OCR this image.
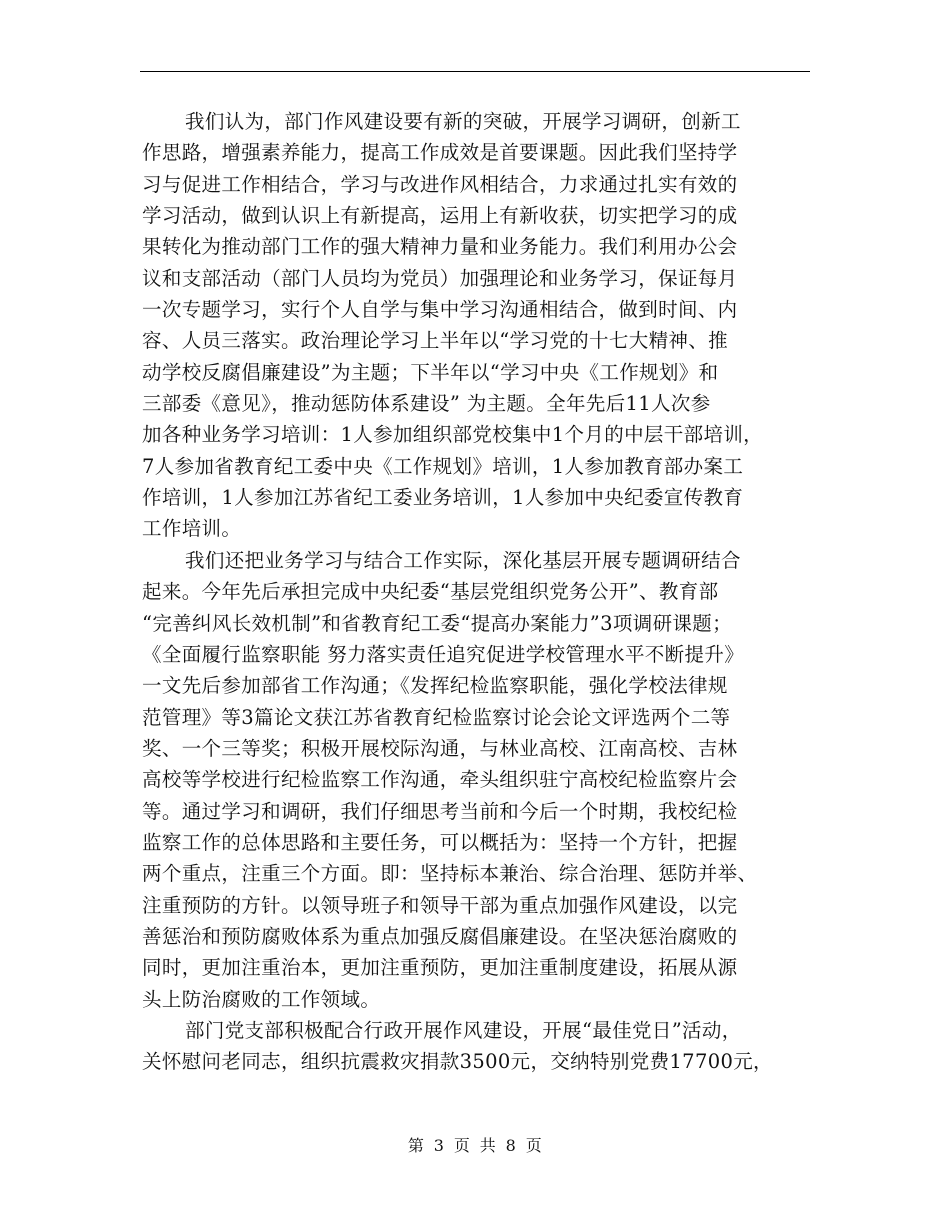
我们认为，部门作风建设要有新的突破，开展学习调研，创新工
作思路，增强素养能力，提高工作成效是首要课题。因此我们坚持学
习与促进工作相结合，学习与改进作风相结合，力求通过扎实有效的
学习活动，做到认识上有新提高，运用上有新收获，切实把学习的成
果转化为推动部门工作的强大精神力量和业务能力。我们利用办公会
议和支部活动（部门人员均为党员）加强理论和业务学习，保证每月
一次专题学习，实行个人自学与集中学习沟通相结合，做到时间、内
容、人员三落实。政治理论学习上半年以“学习党的十七大精神、推
动学校反腐倡廉建设”为主题；下半年以“学习中央《工作规划》和
三部委《意见》，推动惩防体系建设” 为主题。全年先后11人次参
加各种业务学习培训：1人参加组织部党校集中1个月的中层干部培训，
7人参加省教育纪工委中央《工作规划》培训，1人参加教育部办案工
作培训，1人参加江苏省纪工委业务培训，1人参加中央纪委宣传教育
工作培训。
我们还把业务学习与结合工作实际，深化基层开展专题调研结合
起来。今年先后承担完成中央纪委“基层党组织党务公开”、教育部
“完善纠风长效机制”和省教育纪工委“提高办案能力”3项调研课题；
《全面履行监察职能 努力落实责任追究促进学校管理水平不断提升》
一文先后参加部省工作沟通；《发挥纪检监察职能，强化学校法律规
范管理》等3篇论文获江苏省教育纪检监察讨论会论文评选两个二等
奖、一个三等奖；积极开展校际沟通，与林业高校、江南高校、吉林
高校等学校进行纪检监察工作沟通，牵头组织驻宁高校纪检监察片会
等。通过学习和调研，我们仔细思考当前和今后一个时期，我校纪检
监察工作的总体思路和主要任务，可以概括为：坚持一个方针，把握
两个重点，注重三个方面。即：坚持标本兼治、综合治理、惩防并举、
注重预防的方针。以领导班子和领导干部为重点加强作风建设，以完
善惩治和预防腐败体系为重点加强反腐倡廉建设。在坚决惩治腐败的
同时，更加注重治本，更加注重预防，更加注重制度建设，拓展从源
头上防治腐败的工作领域。
部门党支部积极配合行政开展作风建设，开展“最佳党日”活动，
关怀慰问老同志，组织抗震救灾捐款3500元，交纳特别党费17700元，
第 3 页 共 8 页
